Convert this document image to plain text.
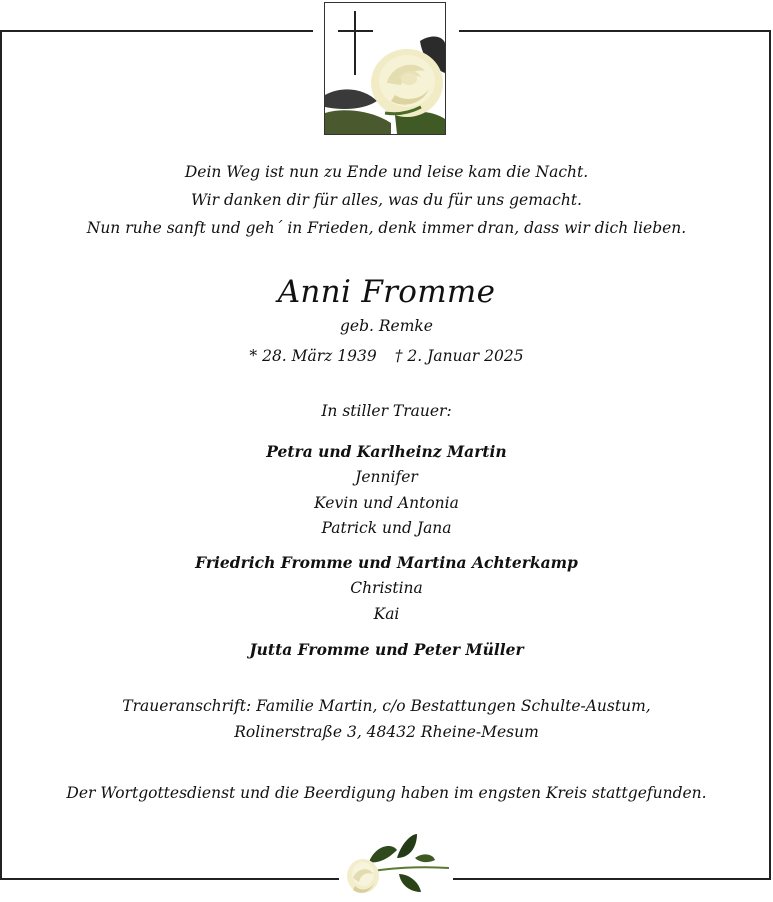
Dein Weg ist nun zu Ende und leise kam die Nacht.
Wir danken dir für alles, was du für uns gemacht.
Nun ruhe sanft und geh´ in Frieden, denk immer dran, dass wir dich lieben.
Anni Fromme
geb. Remke
* 28. März 1939 † 2. Januar 2025
In stiller Trauer:
Petra und Karlheinz Martin
Jennifer
Kevin und Antonia
Patrick und Jana
Friedrich Fromme und Martina Achterkamp
Christina
Kai
Jutta Fromme und Peter Müller
Traueranschrift: Familie Martin, c/o Bestattungen Schulte-Austum,
Rolinerstraße 3, 48432 Rheine-Mesum
Der Wortgottesdienst und die Beerdigung haben im engsten Kreis stattgefunden.
